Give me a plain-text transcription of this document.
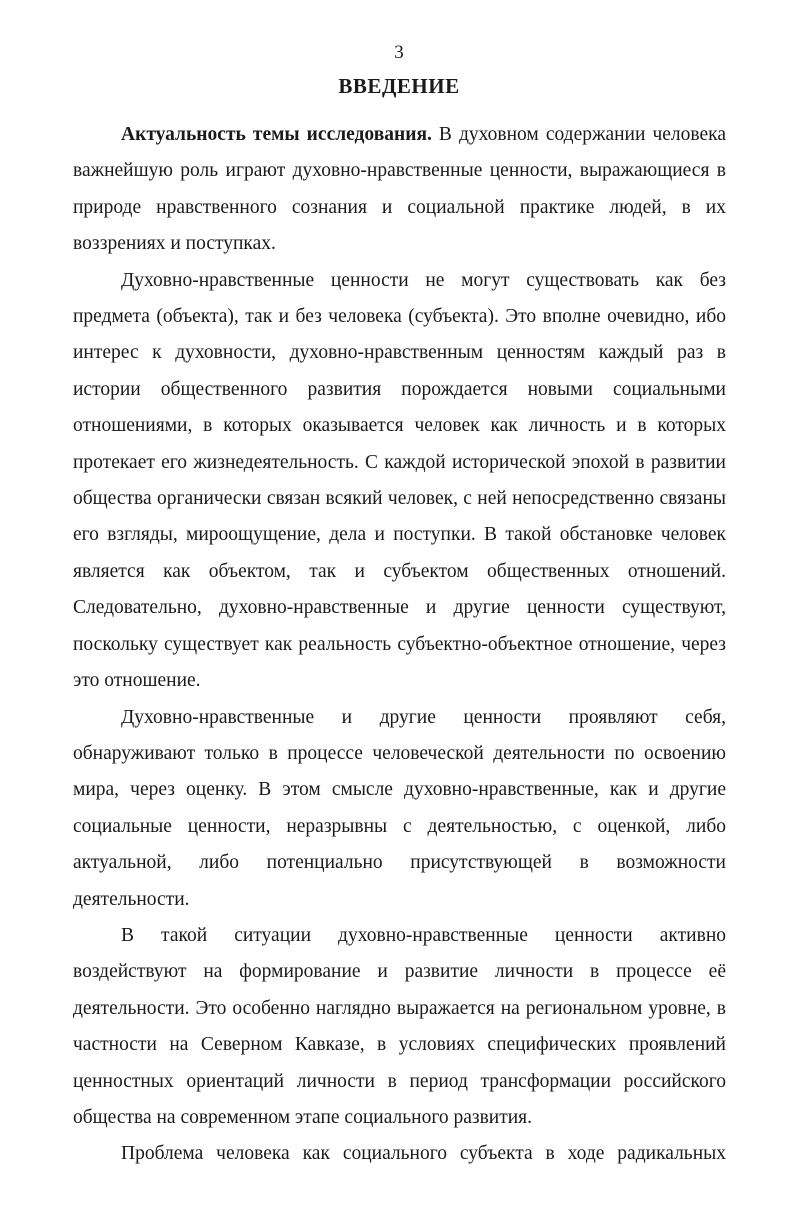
3
ВВЕДЕНИЕ

Актуальность темы исследования. В духовном содержании человека важнейшую роль играют духовно-нравственные ценности, выражающиеся в природе нравственного сознания и социальной практике людей, в их воззрениях и поступках.

Духовно-нравственные ценности не могут существовать как без предмета (объекта), так и без человека (субъекта). Это вполне очевидно, ибо интерес к духовности, духовно-нравственным ценностям каждый раз в истории общественного развития порождается новыми социальными отношениями, в которых оказывается человек как личность и в которых протекает его жизнедеятельность. С каждой исторической эпохой в развитии общества органически связан всякий человек, с ней непосредственно связаны его взгляды, мироощущение, дела и поступки. В такой обстановке человек является как объектом, так и субъектом общественных отношений. Следовательно, духовно-нравственные и другие ценности существуют, поскольку существует как реальность субъектно-объектное отношение, через это отношение.

Духовно-нравственные и другие ценности проявляют себя, обнаруживают только в процессе человеческой деятельности по освоению мира, через оценку. В этом смысле духовно-нравственные, как и другие социальные ценности, неразрывны с деятельностью, с оценкой, либо актуальной, либо потенциально присутствующей в возможности деятельности.

В такой ситуации духовно-нравственные ценности активно воздействуют на формирование и развитие личности в процессе её деятельности. Это особенно наглядно выражается на региональном уровне, в частности на Северном Кавказе, в условиях специфических проявлений ценностных ориентаций личности в период трансформации российского общества на современном этапе социального развития.

Проблема человека как социального субъекта в ходе радикальных
